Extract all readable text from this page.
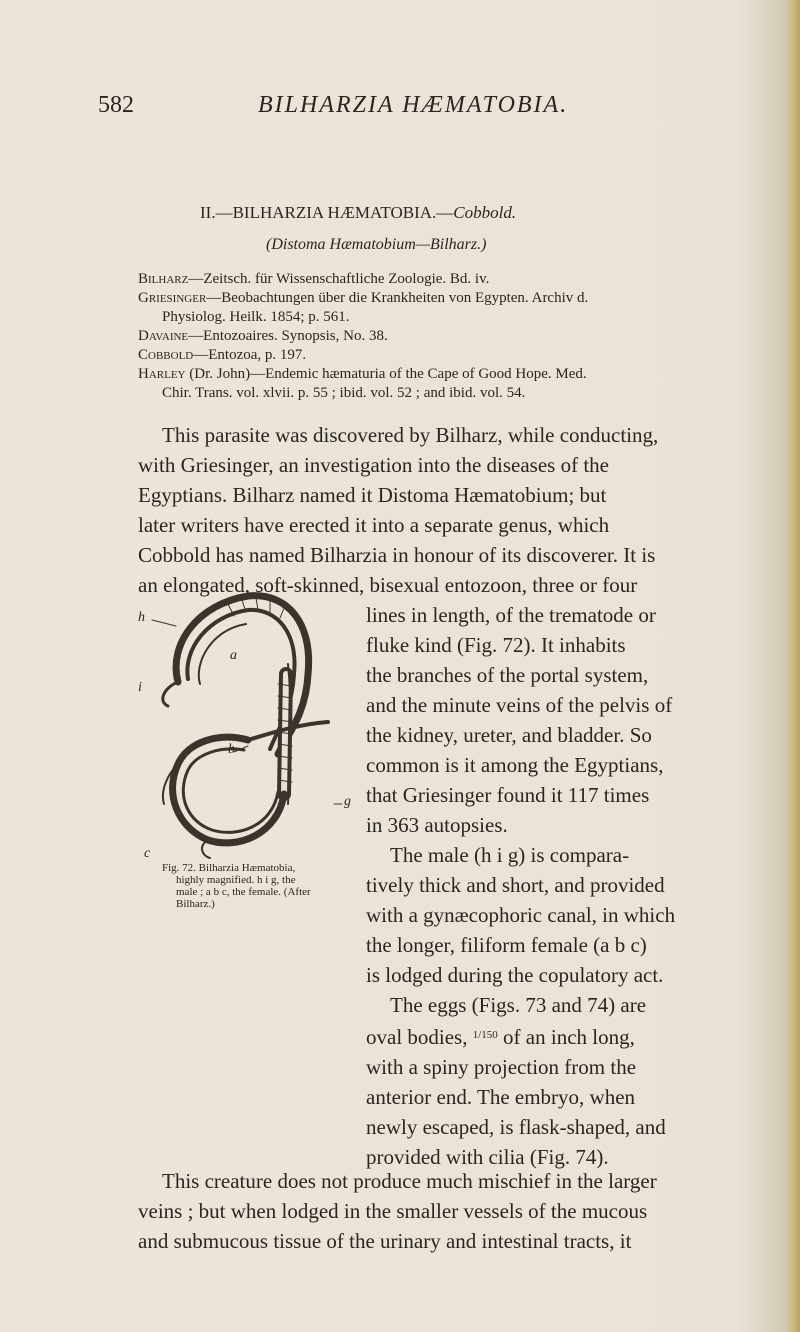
582	BILHARZIA HÆMATOBIA.
II.—BILHARZIA HÆMATOBIA.—Cobbold.
(Distoma Hæmatobium—Bilharz.)
Bilharz—Zeitsch. für Wissenschaftliche Zoologie. Bd. iv.
Griesinger—Beobachtungen über die Krankheiten von Egypten. Archiv d.
Physiolog. Heilk. 1854; p. 561.
Davaine—Entozoaires. Synopsis, No. 38.
Cobbold—Entozoa, p. 197.
Harley (Dr. John)—Endemic hæmaturia of the Cape of Good Hope. Med.
Chir. Trans. vol. xlvii. p. 55 ; ibid. vol. 52 ; and ibid. vol. 54.
This parasite was discovered by Bilharz, while conducting,
with Griesinger, an investigation into the diseases of the
Egyptians. Bilharz named it Distoma Hæmatobium; but
later writers have erected it into a separate genus, which
Cobbold has named Bilharzia in honour of its discoverer. It is
an elongated, soft-skinned, bisexual entozoon, three or four
lines in length, of the trematode or
fluke kind (Fig. 72). It inhabits
the branches of the portal system,
and the minute veins of the pelvis of
the kidney, ureter, and bladder. So
common is it among the Egyptians,
that Griesinger found it 117 times
in 363 autopsies.
The male (h i g) is compara-
tively thick and short, and provided
with a gynæcophoric canal, in which
the longer, filiform female (a b c)
is lodged during the copulatory act.
The eggs (Figs. 73 and 74) are
oval bodies, 1/150 of an inch long,
with a spiny projection from the
anterior end. The embryo, when
newly escaped, is flask-shaped, and
provided with cilia (Fig. 74).
This creature does not produce much mischief in the larger
veins ; but when lodged in the smaller vessels of the mucous
and submucous tissue of the urinary and intestinal tracts, it
h
a
i
b
g
c
Fig. 72. Bilharzia Hæmatobia,
highly magnified. h i g, the
male ; a b c, the female. (After
Bilharz.)
